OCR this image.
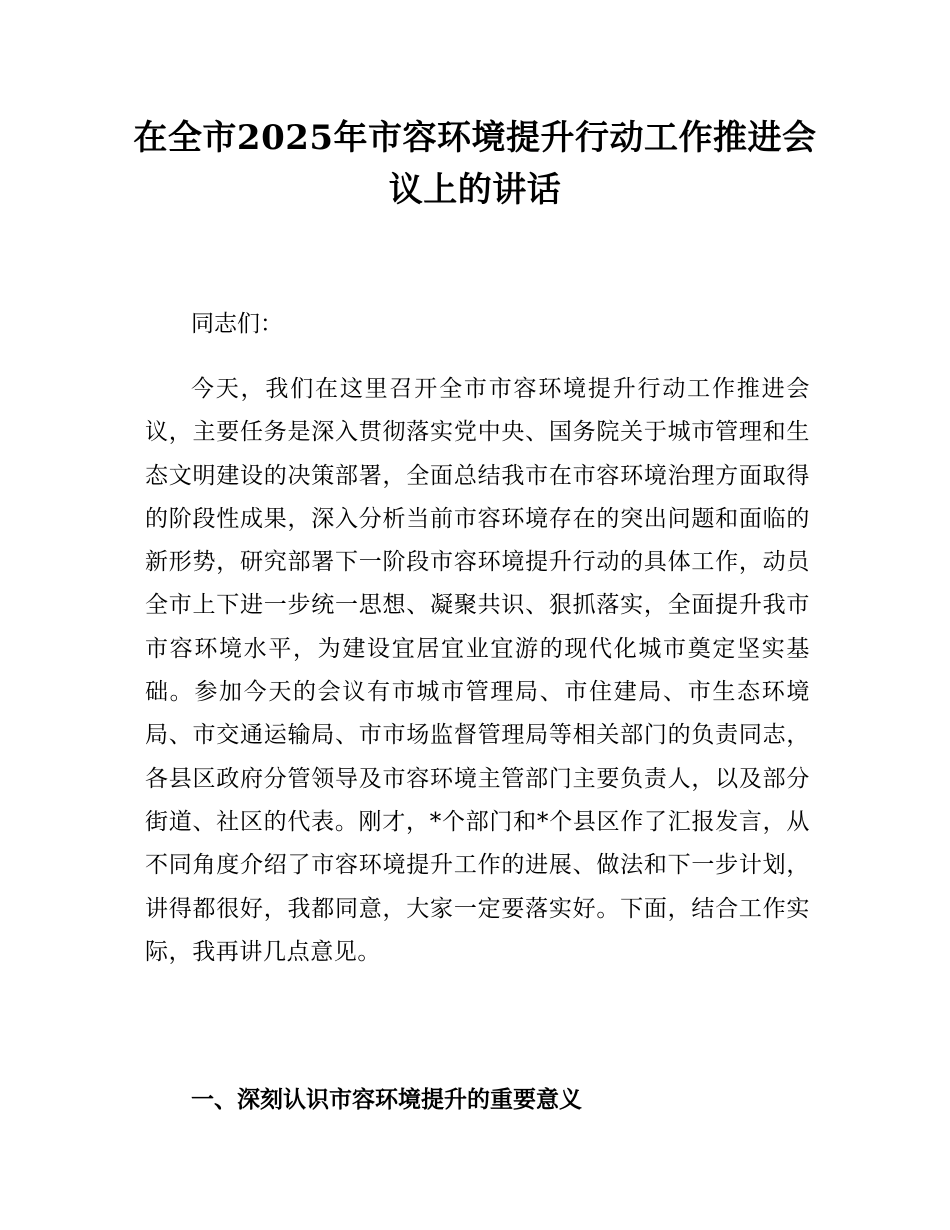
在全市2025年市容环境提升行动工作推进会
议上的讲话

同志们：

今天，我们在这里召开全市市容环境提升行动工作推进会议，主要任务是深入贯彻落实党中央、国务院关于城市管理和生态文明建设的决策部署，全面总结我市在市容环境治理方面取得的阶段性成果，深入分析当前市容环境存在的突出问题和面临的新形势，研究部署下一阶段市容环境提升行动的具体工作，动员全市上下进一步统一思想、凝聚共识、狠抓落实，全面提升我市市容环境水平，为建设宜居宜业宜游的现代化城市奠定坚实基础。参加今天的会议有市城市管理局、市住建局、市生态环境局、市交通运输局、市市场监督管理局等相关部门的负责同志，各县区政府分管领导及市容环境主管部门主要负责人，以及部分街道、社区的代表。刚才，*个部门和*个县区作了汇报发言，从不同角度介绍了市容环境提升工作的进展、做法和下一步计划，讲得都很好，我都同意，大家一定要落实好。下面，结合工作实际，我再讲几点意见。

一、深刻认识市容环境提升的重要意义
